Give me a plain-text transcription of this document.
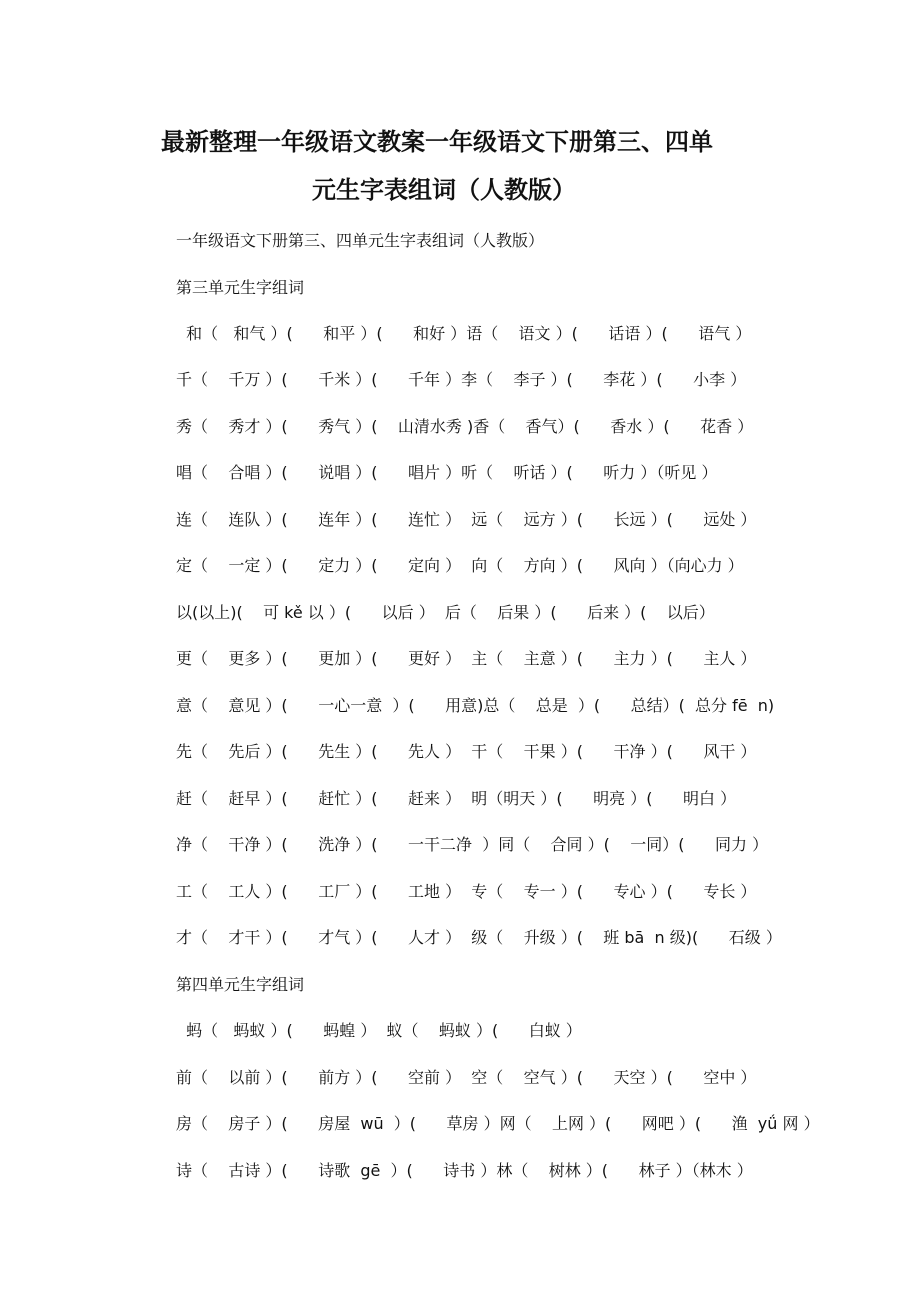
最新整理一年级语文教案一年级语文下册第三、四单
元生字表组词（人教版）
一年级语文下册第三、四单元生字表组词（人教版）
第三单元生字组词
和（   和气 ）(      和平 ）(      和好 ）语（    语文 ）(      话语 ）(      语气 ）
千（    千万 ）(      千米 ）(      千年 ）李（    李子 ）(      李花 ）(      小李 ）
秀（    秀才 ）(      秀气 ）(    山清水秀 )香（    香气）(      香水 ）(      花香 ）
唱（    合唱 ）(      说唱 ）(      唱片 ）听（    听话 ）(      听力 ）（听见 ）
连（    连队 ）(      连年 ）(      连忙 ）  远（    远方 ）(      长远 ）(      远处 ）
定（    一定 ）(      定力 ）(      定向 ）  向（    方向 ）(      风向 ）（向心力 ）
以(以上)(    可 kě 以 ）(      以后 ）  后（    后果 ）(      后来 ）(    以后）
更（    更多 ）(      更加 ）(      更好 ）  主（    主意 ）(      主力 ）(      主人 ）
意（    意见 ）(      一心一意  ）(      用意)总（    总是  ）(      总结）(  总分 fē  n)
先（    先后 ）(      先生 ）(      先人 ）  干（    干果 ）(      干净 ）(      风干 ）
赶（    赶早 ）(      赶忙 ）(      赶来 ）  明（明天 ）(      明亮 ）(      明白 ）
净（    干净 ）(      洗净 ）(      一干二净  ）同（    合同 ）(    一同）(      同力 ）
工（    工人 ）(      工厂 ）(      工地 ）  专（    专一 ）(      专心 ）(      专长 ）
才（    才干 ）(      才气 ）(      人才 ）  级（    升级 ）(    班 bā  n 级)(      石级 ）
第四单元生字组词
蚂（   蚂蚁 ）(      蚂蝗 ）  蚁（    蚂蚁 ）(      白蚁 ）
前（    以前 ）(      前方 ）(      空前 ）  空（    空气 ）(      天空 ）(      空中 ）
房（    房子 ）(      房屋  wū  ）(      草房 ）网（    上网 ）(      网吧 ）(      渔  yǘ 网 ）
诗（    古诗 ）(      诗歌  gē  ）(      诗书 ）林（    树林 ）(      林子 ）（林木 ）
